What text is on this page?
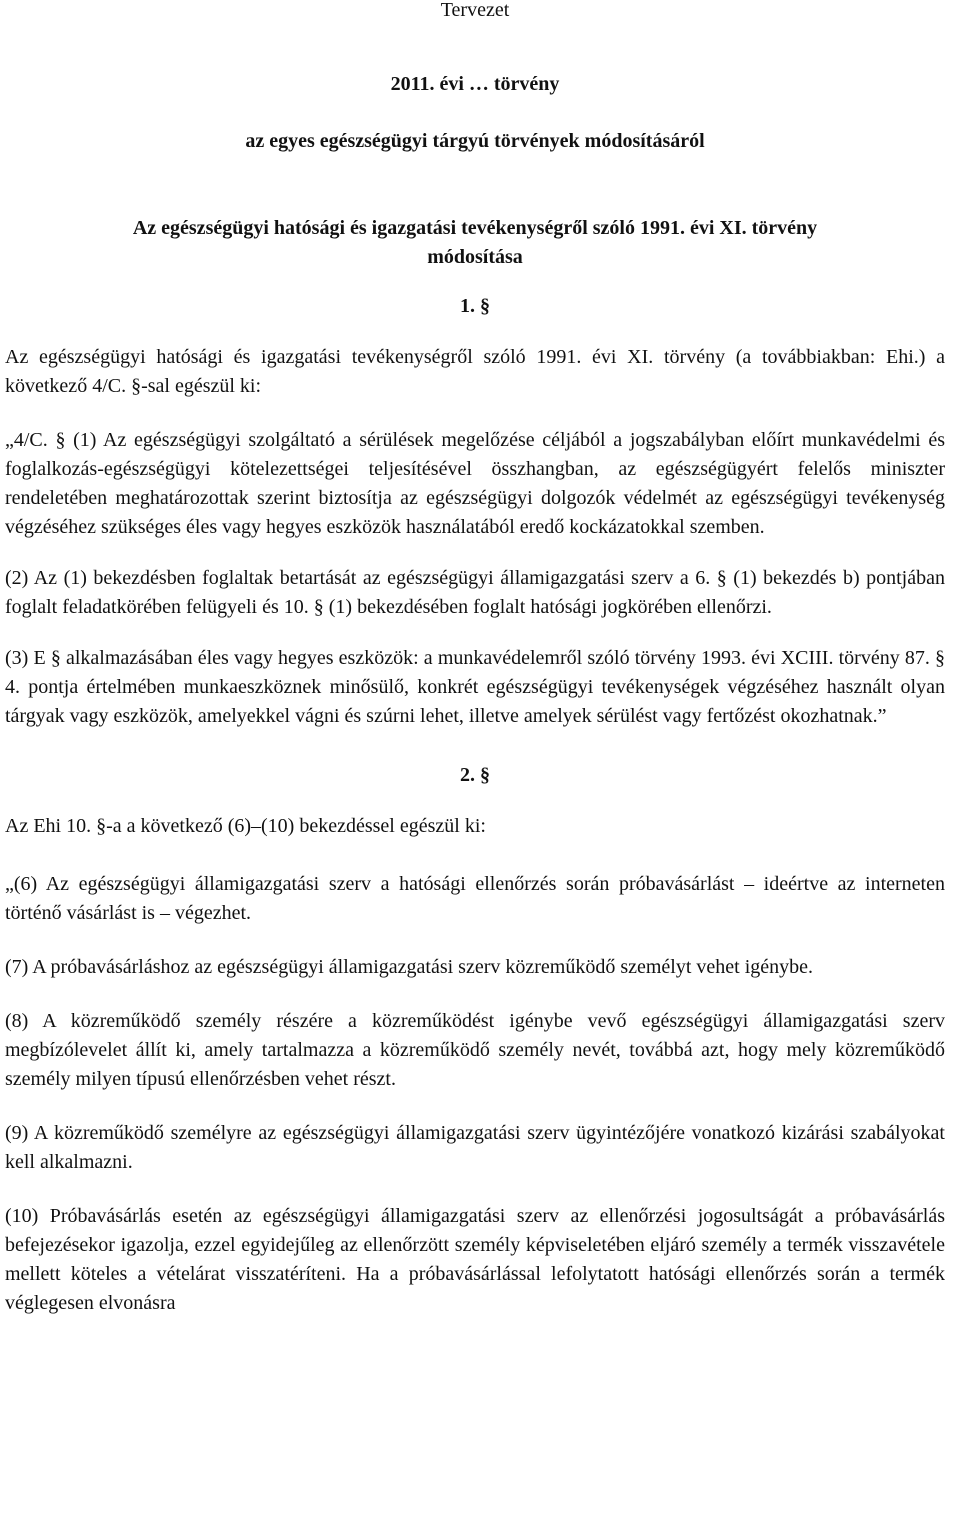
Tervezet

2011. évi … törvény

az egyes egészségügyi tárgyú törvények módosításáról

Az egészségügyi hatósági és igazgatási tevékenységről szóló 1991. évi XI. törvény módosítása

1. §

Az egészségügyi hatósági és igazgatási tevékenységről szóló 1991. évi XI. törvény (a továbbiakban: Ehi.) a következő 4/C. §-sal egészül ki:

„4/C. § (1) Az egészségügyi szolgáltató a sérülések megelőzése céljából a jogszabályban előírt munkavédelmi és foglalkozás-egészségügyi kötelezettségei teljesítésével összhangban, az egészségügyért felelős miniszter rendeletében meghatározottak szerint biztosítja az egészségügyi dolgozók védelmét az egészségügyi tevékenység végzéséhez szükséges éles vagy hegyes eszközök használatából eredő kockázatokkal szemben.

(2) Az (1) bekezdésben foglaltak betartását az egészségügyi államigazgatási szerv a 6. § (1) bekezdés b) pontjában foglalt feladatkörében felügyeli és 10. § (1) bekezdésében foglalt hatósági jogkörében ellenőrzi.

(3) E § alkalmazásában éles vagy hegyes eszközök: a munkavédelemről szóló törvény 1993. évi XCIII. törvény 87. § 4. pontja értelmében munkaeszköznek minősülő, konkrét egészségügyi tevékenységek végzéséhez használt olyan tárgyak vagy eszközök, amelyekkel vágni és szúrni lehet, illetve amelyek sérülést vagy fertőzést okozhatnak.”

2. §

Az Ehi 10. §-a a következő (6)–(10) bekezdéssel egészül ki:

„(6) Az egészségügyi államigazgatási szerv a hatósági ellenőrzés során próbavásárlást – ideértve az interneten történő vásárlást is – végezhet.

(7) A próbavásárláshoz az egészségügyi államigazgatási szerv közreműködő személyt vehet igénybe.

(8) A közreműködő személy részére a közreműködést igénybe vevő egészségügyi államigazgatási szerv megbízólevelet állít ki, amely tartalmazza a közreműködő személy nevét, továbbá azt, hogy mely közreműködő személy milyen típusú ellenőrzésben vehet részt.

(9) A közreműködő személyre az egészségügyi államigazgatási szerv ügyintézőjére vonatkozó kizárási szabályokat kell alkalmazni.

(10) Próbavásárlás esetén az egészségügyi államigazgatási szerv az ellenőrzési jogosultságát a próbavásárlás befejezésekor igazolja, ezzel egyidejűleg az ellenőrzött személy képviseletében eljáró személy a termék visszavétele mellett köteles a vételárat visszatéríteni. Ha a próbavásárlással lefolytatott hatósági ellenőrzés során a termék véglegesen elvonásra
